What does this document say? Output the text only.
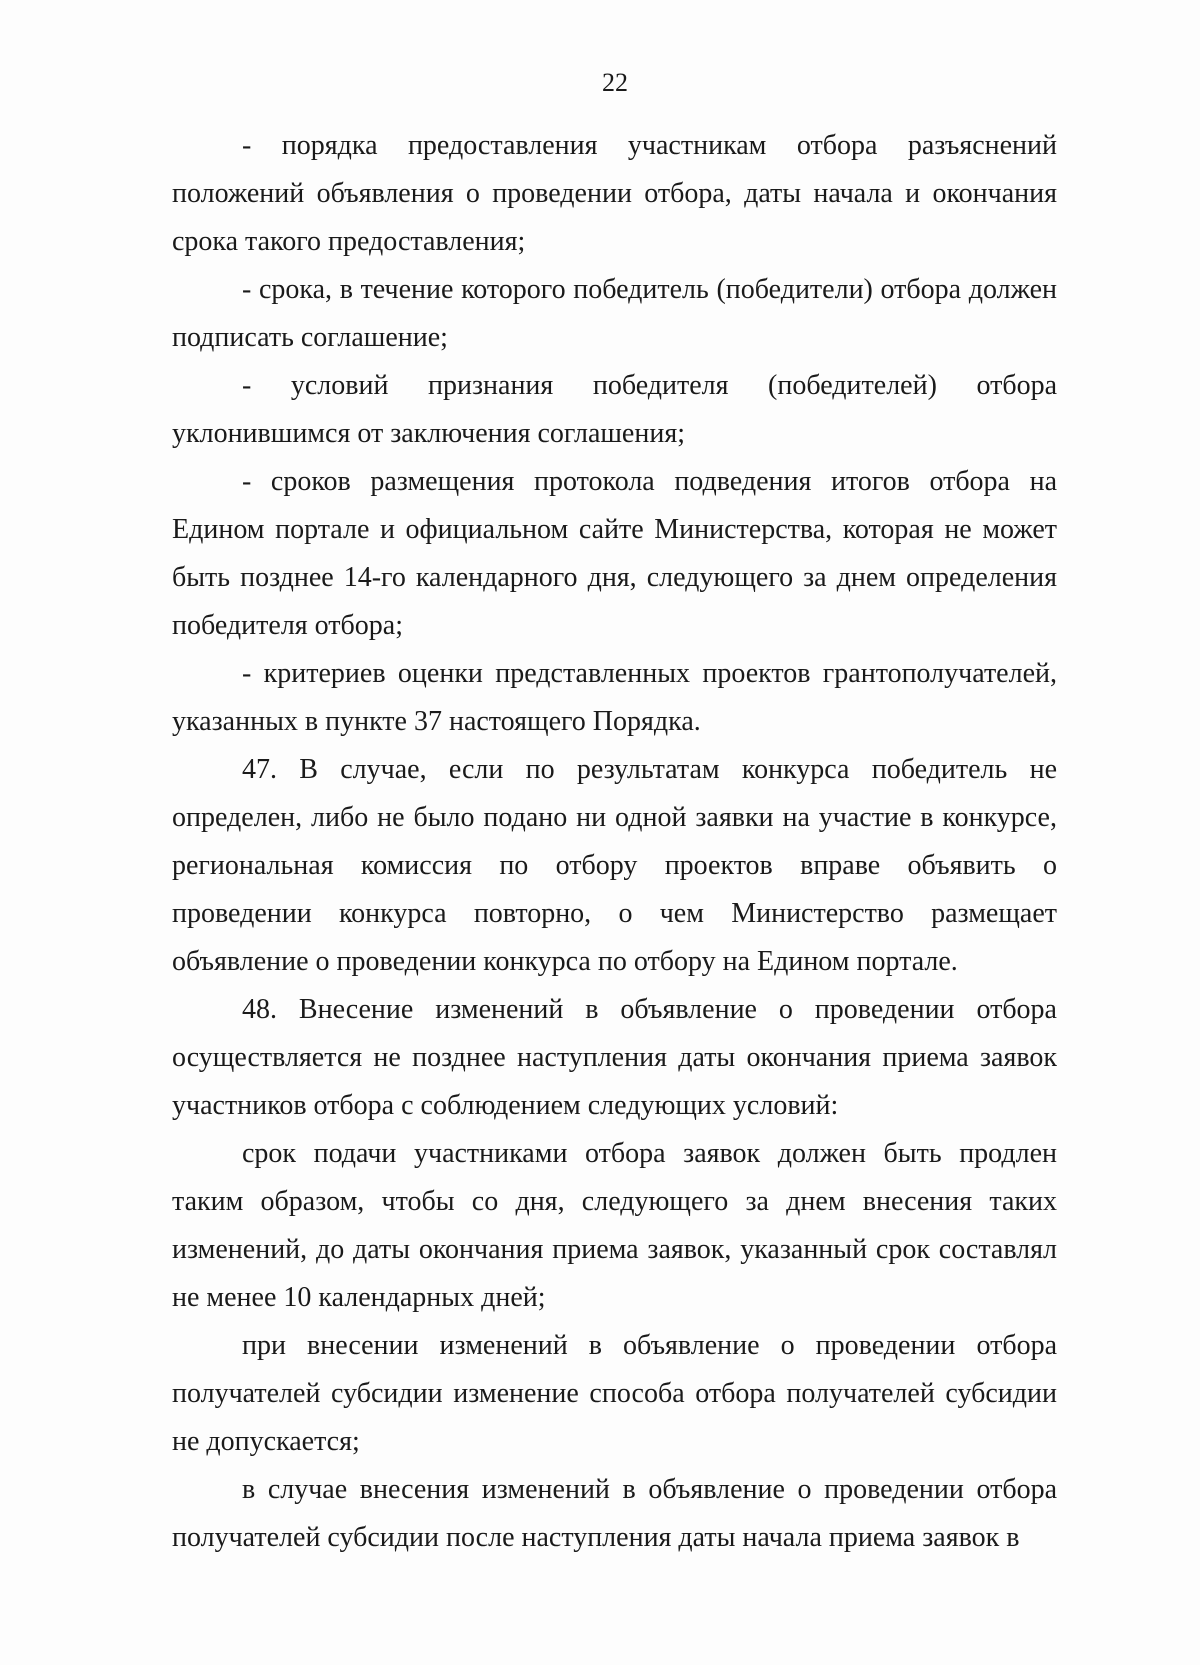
22

- порядка предоставления участникам отбора разъяснений положений объявления о проведении отбора, даты начала и окончания срока такого предоставления;

- срока, в течение которого победитель (победители) отбора должен подписать соглашение;

- условий признания победителя (победителей) отбора уклонившимся от заключения соглашения;

- сроков размещения протокола подведения итогов отбора на Едином портале и официальном сайте Министерства, которая не может быть позднее 14-го календарного дня, следующего за днем определения победителя отбора;

- критериев оценки представленных проектов грантополучателей, указанных в пункте 37 настоящего Порядка.

47. В случае, если по результатам конкурса победитель не определен, либо не было подано ни одной заявки на участие в конкурсе, региональная комиссия по отбору проектов вправе объявить о проведении конкурса повторно, о чем Министерство размещает объявление о проведении конкурса по отбору на Едином портале.

48. Внесение изменений в объявление о проведении отбора осуществляется не позднее наступления даты окончания приема заявок участников отбора с соблюдением следующих условий:

срок подачи участниками отбора заявок должен быть продлен таким образом, чтобы со дня, следующего за днем внесения таких изменений, до даты окончания приема заявок, указанный срок составлял не менее 10 календарных дней;

при внесении изменений в объявление о проведении отбора получателей субсидии изменение способа отбора получателей субсидии не допускается;

в случае внесения изменений в объявление о проведении отбора получателей субсидии после наступления даты начала приема заявок в
